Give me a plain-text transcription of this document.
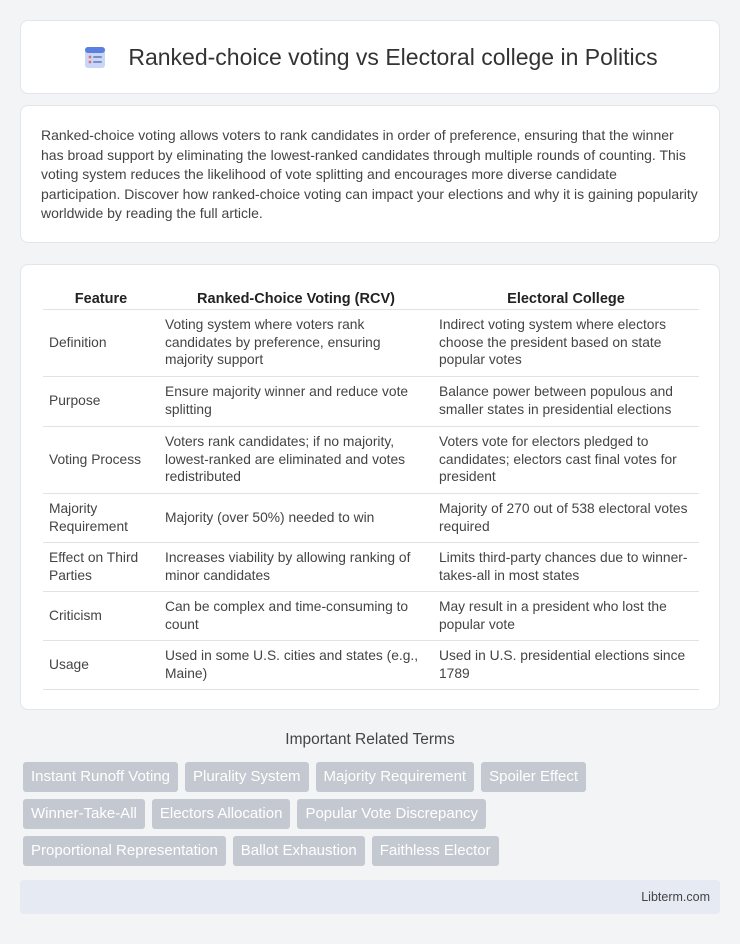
Ranked-choice voting vs Electoral college in Politics

Ranked-choice voting allows voters to rank candidates in order of preference, ensuring that the winner has broad support by eliminating the lowest-ranked candidates through multiple rounds of counting. This voting system reduces the likelihood of vote splitting and encourages more diverse candidate participation. Discover how ranked-choice voting can impact your elections and why it is gaining popularity worldwide by reading the full article.

Feature	Ranked-Choice Voting (RCV)	Electoral College
Definition	Voting system where voters rank candidates by preference, ensuring majority support	Indirect voting system where electors choose the president based on state popular votes
Purpose	Ensure majority winner and reduce vote splitting	Balance power between populous and smaller states in presidential elections
Voting Process	Voters rank candidates; if no majority, lowest-ranked are eliminated and votes redistributed	Voters vote for electors pledged to candidates; electors cast final votes for president
Majority Requirement	Majority (over 50%) needed to win	Majority of 270 out of 538 electoral votes required
Effect on Third Parties	Increases viability by allowing ranking of minor candidates	Limits third-party chances due to winner-takes-all in most states
Criticism	Can be complex and time-consuming to count	May result in a president who lost the popular vote
Usage	Used in some U.S. cities and states (e.g., Maine)	Used in U.S. presidential elections since 1789
Important Related Terms
Instant Runoff Voting	Plurality System	Majority Requirement	Spoiler Effect
Winner-Take-All	Electors Allocation	Popular Vote Discrepancy
Proportional Representation	Ballot Exhaustion	Faithless Elector
Libterm.com
